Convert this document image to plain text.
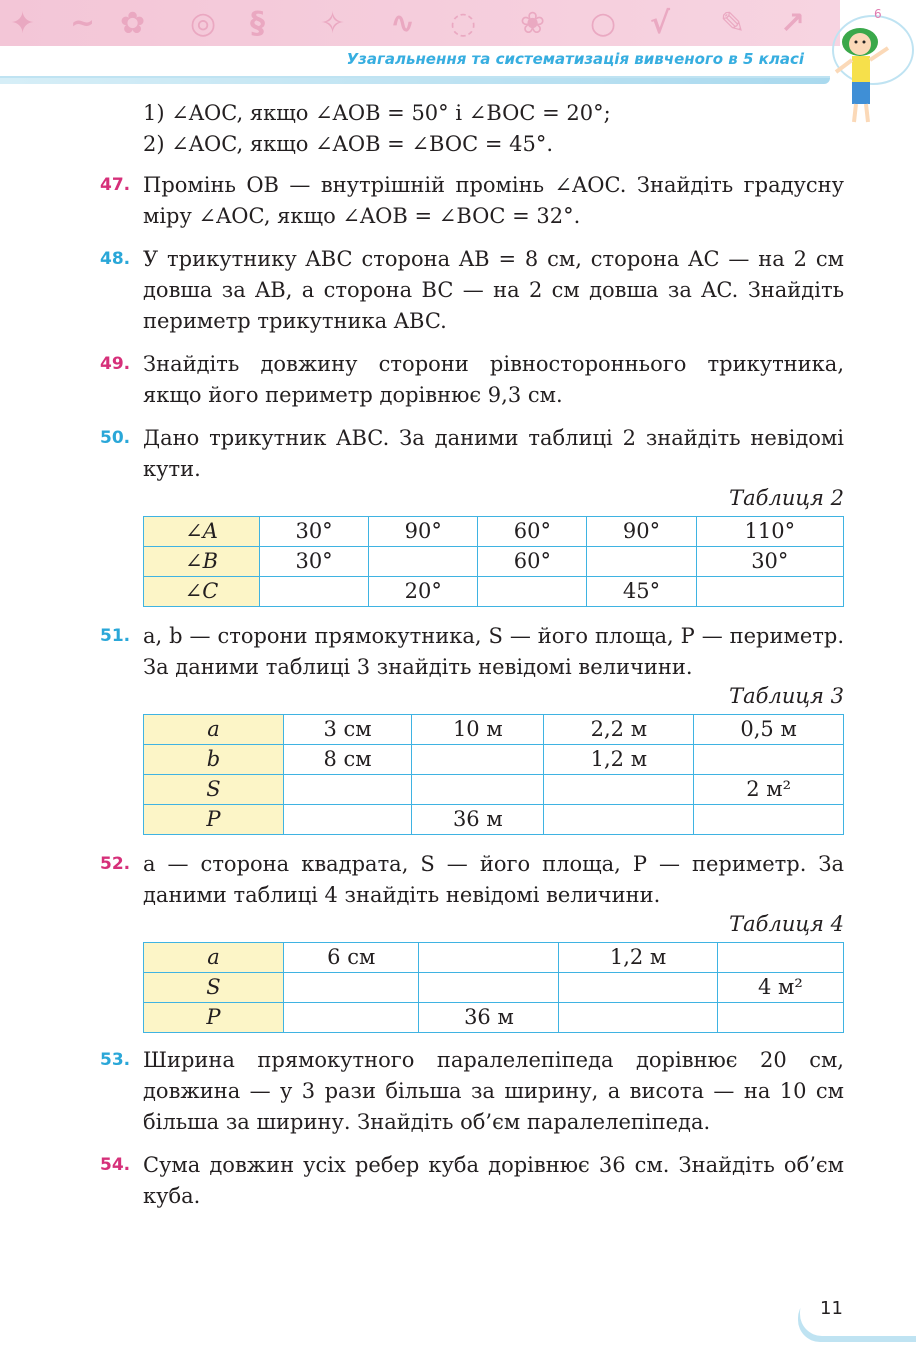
✦ ~ ✿ ◎ § ✧ ∿ ◌ ❀ ○ √ ✎ ↗
Узагальнення та систематизація вивченого в 5 класі
6
1) ∠AOC, якщо ∠AOB = 50° і ∠BOC = 20°;
2) ∠AOC, якщо ∠AOB = ∠BOC = 45°.
47. Промінь OB — внутрішній промінь ∠AOC. Знайдіть градусну міру ∠AOC, якщо ∠AOB = ∠BOC = 32°.
48. У трикутнику ABC сторона AB = 8 см, сторона AC — на 2 см довша за AB, а сторона BC — на 2 см довша за AC. Знайдіть периметр трикутника ABC.
49. Знайдіть довжину сторони рівностороннього трикутника, якщо його периметр дорівнює 9,3 см.
50. Дано трикутник ABC. За даними таблиці 2 знайдіть невідомі кути.
Таблиця 2
∠A	30°	90°	60°	90°	110°
∠B	30°		60°		30°
∠C		20°		45°	
51. a, b — сторони прямокутника, S — його площа, P — периметр. За даними таблиці 3 знайдіть невідомі величини.
Таблиця 3
a	3 см	10 м	2,2 м	0,5 м
b	8 см		1,2 м	
S				2 м²
P		36 м		
52. a — сторона квадрата, S — його площа, P — периметр. За даними таблиці 4 знайдіть невідомі величини.
Таблиця 4
a	6 см		1,2 м	
S				4 м²
P		36 м		
53. Ширина прямокутного паралелепіпеда дорівнює 20 см, довжина — у 3 рази більша за ширину, а висота — на 10 см більша за ширину. Знайдіть об’єм паралелепіпеда.
54. Сума довжин усіх ребер куба дорівнює 36 см. Знайдіть об’єм куба.
11
